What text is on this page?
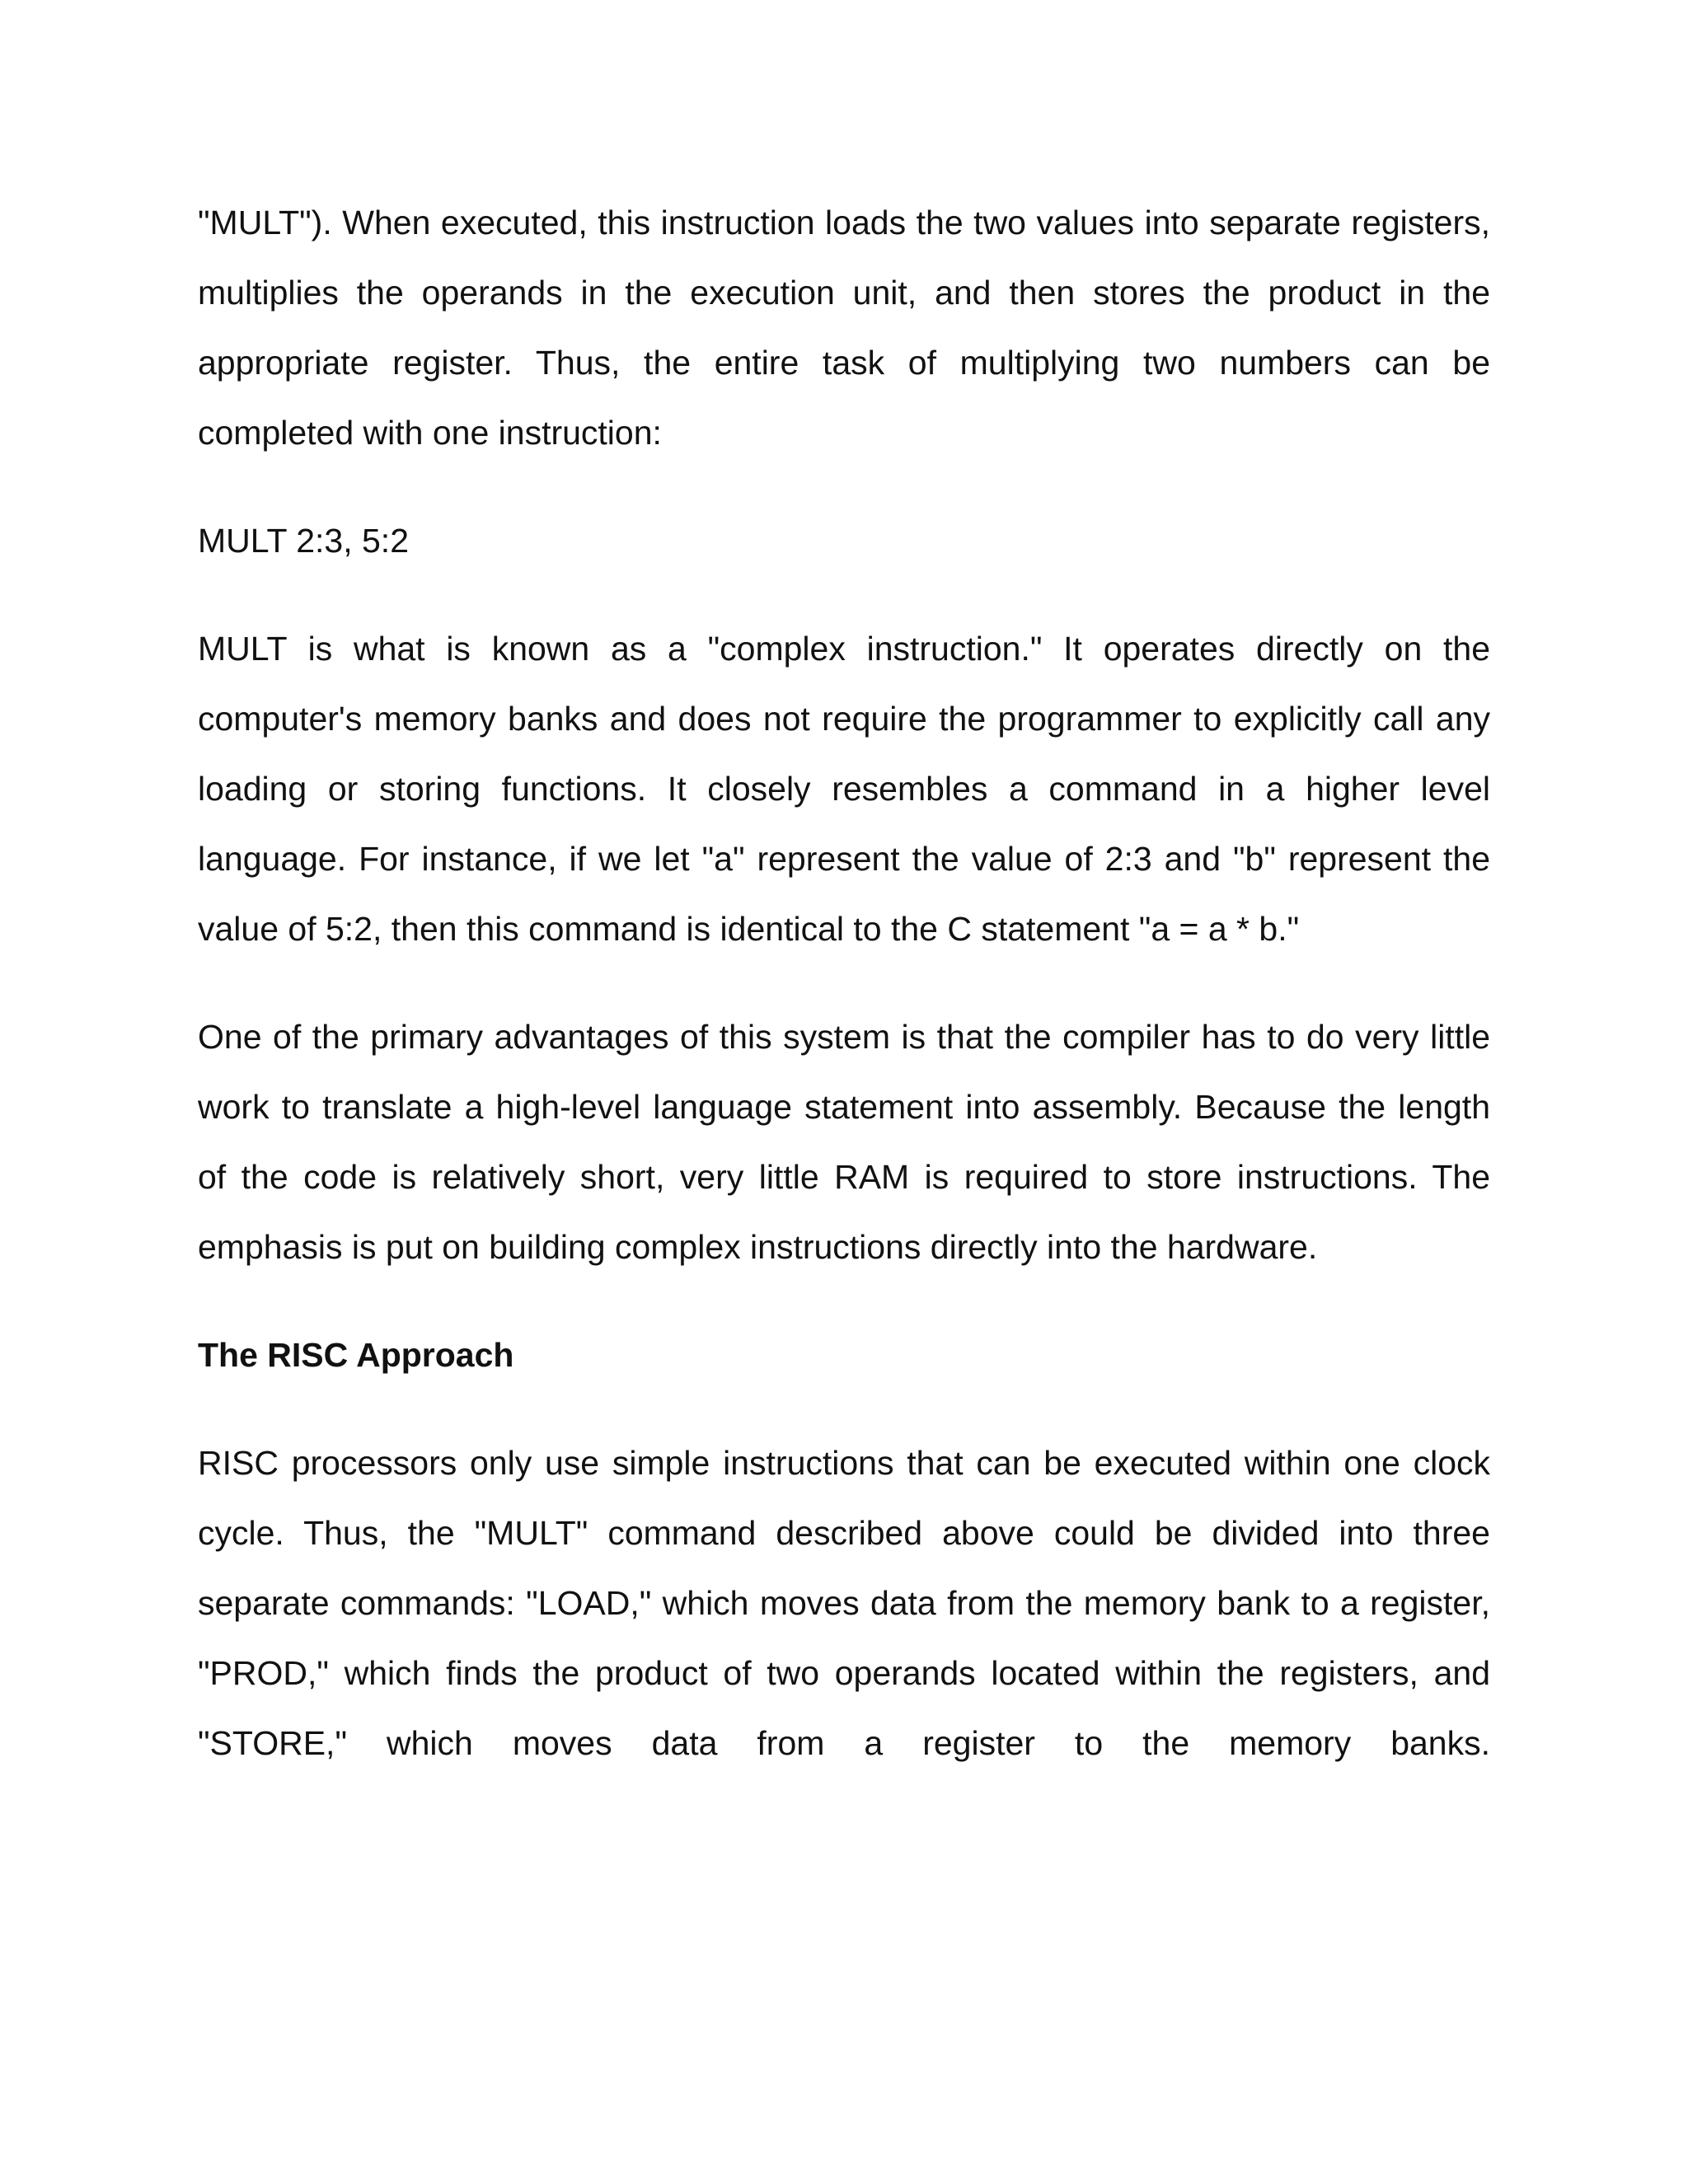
"MULT"). When executed, this instruction loads the two values into separate registers, multiplies the operands in the execution unit, and then stores the product in the appropriate register. Thus, the entire task of multiplying two numbers can be completed with one instruction:

MULT 2:3, 5:2

MULT is what is known as a "complex instruction." It operates directly on the computer's memory banks and does not require the programmer to explicitly call any loading or storing functions. It closely resembles a command in a higher level language. For instance, if we let "a" represent the value of 2:3 and "b" represent the value of 5:2, then this command is identical to the C statement "a = a * b."

One of the primary advantages of this system is that the compiler has to do very little work to translate a high-level language statement into assembly. Because the length of the code is relatively short, very little RAM is required to store instructions. The emphasis is put on building complex instructions directly into the hardware.

The RISC Approach

RISC processors only use simple instructions that can be executed within one clock cycle. Thus, the "MULT" command described above could be divided into three separate commands: "LOAD," which moves data from the memory bank to a register, "PROD," which finds the product of two operands located within the registers, and "STORE," which moves data from a register to the memory banks.
